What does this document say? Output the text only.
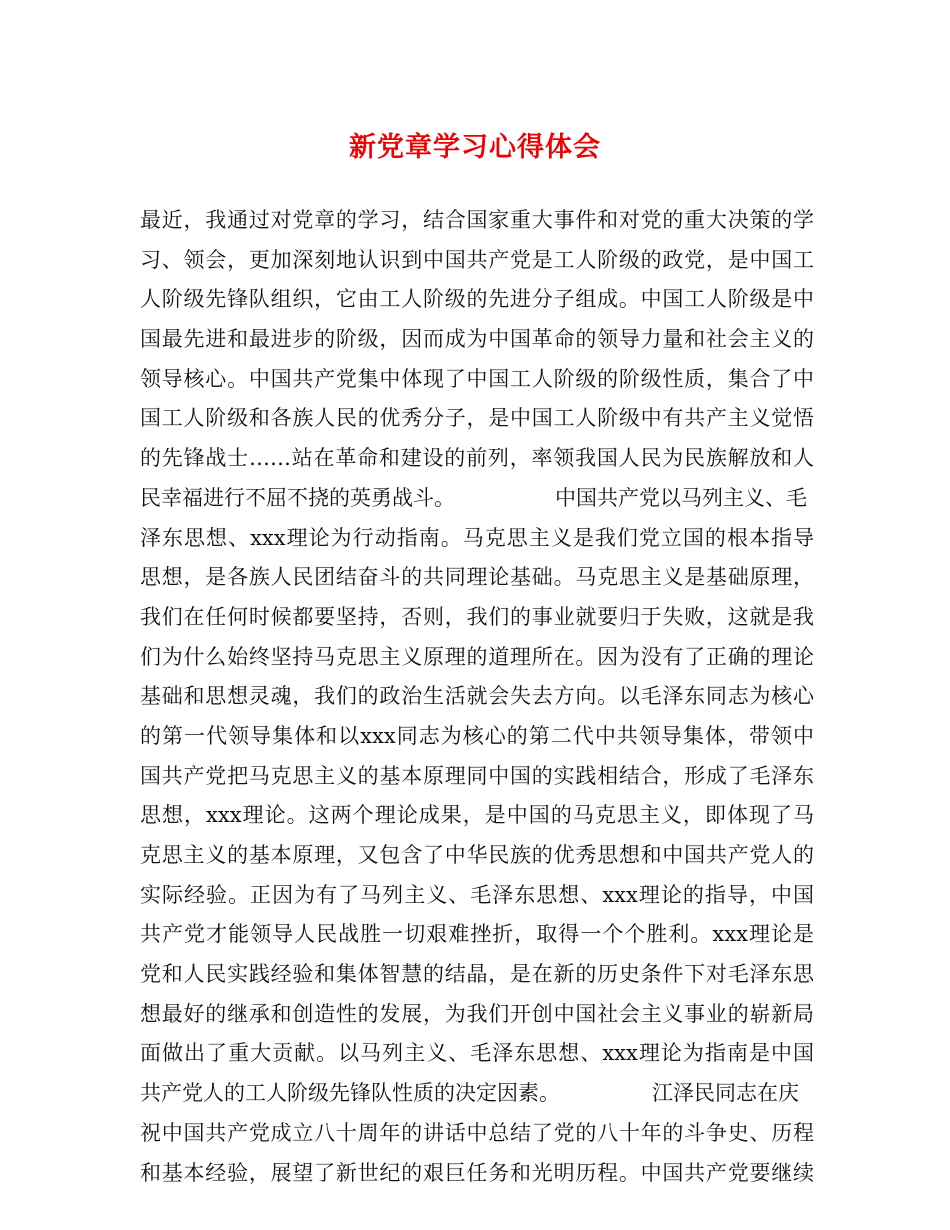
新党章学习心得体会
最近，我通过对党章的学习，结合国家重大事件和对党的重大决策的学
习、领会，更加深刻地认识到中国共产党是工人阶级的政党，是中国工
人阶级先锋队组织，它由工人阶级的先进分子组成。中国工人阶级是中
国最先进和最进步的阶级，因而成为中国革命的领导力量和社会主义的
领导核心。中国共产党集中体现了中国工人阶级的阶级性质，集合了中
国工人阶级和各族人民的优秀分子，是中国工人阶级中有共产主义觉悟
的先锋战士……站在革命和建设的前列，率领我国人民为民族解放和人
民幸福进行不屈不挠的英勇战斗。	中国共产党以马列主义、毛
泽东思想、xxx理论为行动指南。马克思主义是我们党立国的根本指导
思想，是各族人民团结奋斗的共同理论基础。马克思主义是基础原理，
我们在任何时候都要坚持，否则，我们的事业就要归于失败，这就是我
们为什么始终坚持马克思主义原理的道理所在。因为没有了正确的理论
基础和思想灵魂，我们的政治生活就会失去方向。以毛泽东同志为核心
的第一代领导集体和以xxx同志为核心的第二代中共领导集体，带领中
国共产党把马克思主义的基本原理同中国的实践相结合，形成了毛泽东
思想，xxx理论。这两个理论成果，是中国的马克思主义，即体现了马
克思主义的基本原理，又包含了中华民族的优秀思想和中国共产党人的
实际经验。正因为有了马列主义、毛泽东思想、xxx理论的指导，中国
共产党才能领导人民战胜一切艰难挫折，取得一个个胜利。xxx理论是
党和人民实践经验和集体智慧的结晶，是在新的历史条件下对毛泽东思
想最好的继承和创造性的发展，为我们开创中国社会主义事业的崭新局
面做出了重大贡献。以马列主义、毛泽东思想、xxx理论为指南是中国
共产党人的工人阶级先锋队性质的决定因素。	江泽民同志在庆
祝中国共产党成立八十周年的讲话中总结了党的八十年的斗争史、历程
和基本经验，展望了新世纪的艰巨任务和光明历程。中国共产党要继续
